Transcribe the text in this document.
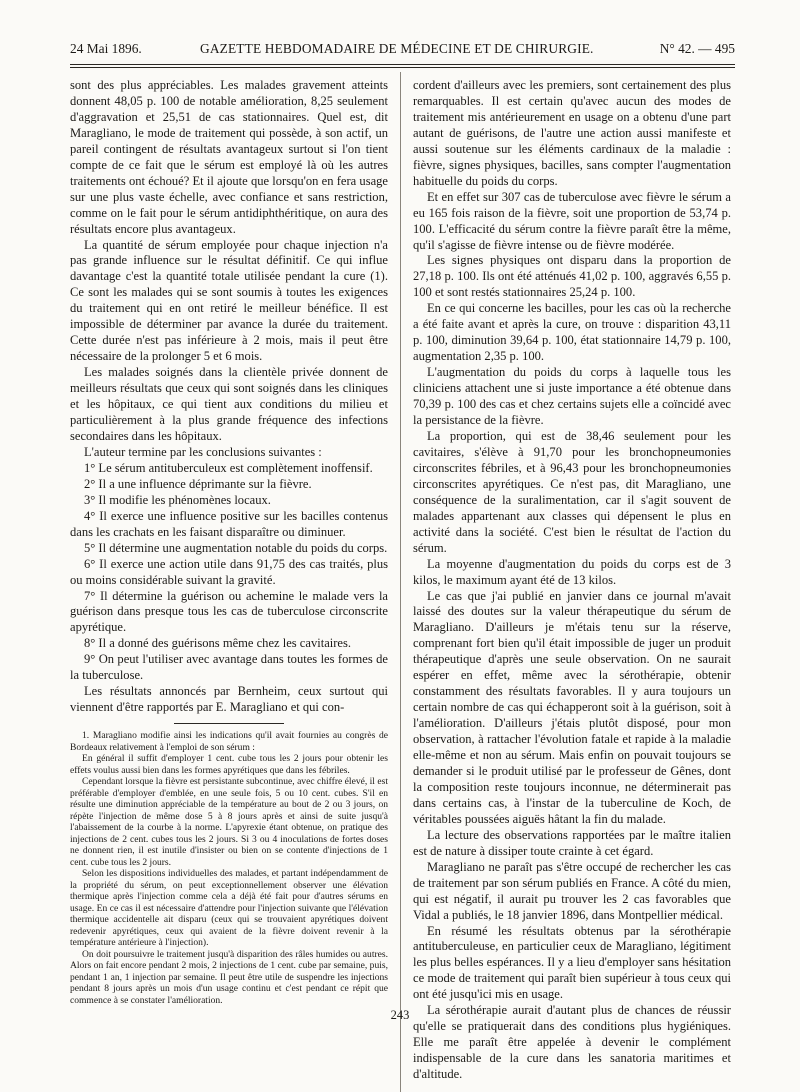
24 Mai 1896.	GAZETTE HEBDOMADAIRE DE MÉDECINE ET DE CHIRURGIE.	N° 42. — 495

sont des plus appréciables. Les malades gravement atteints donnent 48,05 p. 100 de notable amélioration, 8,25 seulement d'aggravation et 25,51 de cas stationnaires. Quel est, dit Maragliano, le mode de traitement qui possède, à son actif, un pareil contingent de résultats avantageux surtout si l'on tient compte de ce fait que le sérum est employé là où les autres traitements ont échoué? Et il ajoute que lorsqu'on en fera usage sur une plus vaste échelle, avec confiance et sans restriction, comme on le fait pour le sérum antidiphthéritique, on aura des résultats encore plus avantageux.

La quantité de sérum employée pour chaque injection n'a pas grande influence sur le résultat définitif. Ce qui influe davantage c'est la quantité totale utilisée pendant la cure (1). Ce sont les malades qui se sont soumis à toutes les exigences du traitement qui en ont retiré le meilleur bénéfice. Il est impossible de déterminer par avance la durée du traitement. Cette durée n'est pas inférieure à 2 mois, mais il peut être nécessaire de la prolonger 5 et 6 mois.

Les malades soignés dans la clientèle privée donnent de meilleurs résultats que ceux qui sont soignés dans les cliniques et les hôpitaux, ce qui tient aux conditions du milieu et particulièrement à la plus grande fréquence des infections secondaires dans les hôpitaux.

L'auteur termine par les conclusions suivantes :

1° Le sérum antituberculeux est complètement inoffensif.

2° Il a une influence déprimante sur la fièvre.

3° Il modifie les phénomènes locaux.

4° Il exerce une influence positive sur les bacilles contenus dans les crachats en les faisant disparaître ou diminuer.

5° Il détermine une augmentation notable du poids du corps.

6° Il exerce une action utile dans 91,75 des cas traités, plus ou moins considérable suivant la gravité.

7° Il détermine la guérison ou achemine le malade vers la guérison dans presque tous les cas de tuberculose circonscrite apyrétique.

8° Il a donné des guérisons même chez les cavitaires.

9° On peut l'utiliser avec avantage dans toutes les formes de la tuberculose.

Les résultats annoncés par Bernheim, ceux surtout qui viennent d'être rapportés par E. Maragliano et qui con-

1. Maragliano modifie ainsi les indications qu'il avait fournies au congrès de Bordeaux relativement à l'emploi de son sérum :

En général il suffit d'employer 1 cent. cube tous les 2 jours pour obtenir les effets voulus aussi bien dans les formes apyrétiques que dans les fébriles.

Cependant lorsque la fièvre est persistante subcontinue, avec chiffre élevé, il est préférable d'employer d'emblée, en une seule fois, 5 ou 10 cent. cubes. S'il en résulte une diminution appréciable de la température au bout de 2 ou 3 jours, on répète l'injection de même dose 5 à 8 jours après et ainsi de suite jusqu'à l'abaissement de la courbe à la norme. L'apyrexie étant obtenue, on pratique des injections de 2 cent. cubes tous les 2 jours. Si 3 ou 4 inoculations de fortes doses ne donnent rien, il est inutile d'insister ou bien on se contente d'injections de 1 cent. cube tous les 2 jours.

Selon les dispositions individuelles des malades, et partant indépendamment de la propriété du sérum, on peut exceptionnellement observer une élévation thermique après l'injection comme cela a déjà été fait pour d'autres sérums en usage. En ce cas il est nécessaire d'attendre pour l'injection suivante que l'élévation thermique accidentelle ait disparu (ceux qui se trouvaient apyrétiques doivent redevenir apyrétiques, ceux qui avaient de la fièvre doivent revenir à la température antérieure à l'injection).

On doit poursuivre le traitement jusqu'à disparition des râles humides ou autres. Alors on fait encore pendant 2 mois, 2 injections de 1 cent. cube par semaine, puis, pendant 1 an, 1 injection par semaine. Il peut être utile de suspendre les injections pendant 8 jours après un mois d'un usage continu et c'est pendant ce répit que commence à se constater l'amélioration.

cordent d'ailleurs avec les premiers, sont certainement des plus remarquables. Il est certain qu'avec aucun des modes de traitement mis antérieurement en usage on a obtenu d'une part autant de guérisons, de l'autre une action aussi manifeste et aussi soutenue sur les éléments cardinaux de la maladie : fièvre, signes physiques, bacilles, sans compter l'augmentation habituelle du poids du corps.

Et en effet sur 307 cas de tuberculose avec fièvre le sérum a eu 165 fois raison de la fièvre, soit une proportion de 53,74 p. 100. L'efficacité du sérum contre la fièvre paraît être la même, qu'il s'agisse de fièvre intense ou de fièvre modérée.

Les signes physiques ont disparu dans la proportion de 27,18 p. 100. Ils ont été atténués 41,02 p. 100, aggravés 6,55 p. 100 et sont restés stationnaires 25,24 p. 100.

En ce qui concerne les bacilles, pour les cas où la recherche a été faite avant et après la cure, on trouve : disparition 43,11 p. 100, diminution 39,64 p. 100, état stationnaire 14,79 p. 100, augmentation 2,35 p. 100.

L'augmentation du poids du corps à laquelle tous les cliniciens attachent une si juste importance a été obtenue dans 70,39 p. 100 des cas et chez certains sujets elle a coïncidé avec la persistance de la fièvre.

La proportion, qui est de 38,46 seulement pour les cavitaires, s'élève à 91,70 pour les bronchopneumonies circonscrites fébriles, et à 96,43 pour les bronchopneumonies circonscrites apyrétiques. Ce n'est pas, dit Maragliano, une conséquence de la suralimentation, car il s'agit souvent de malades appartenant aux classes qui dépensent le plus en activité dans la société. C'est bien le résultat de l'action du sérum.

La moyenne d'augmentation du poids du corps est de 3 kilos, le maximum ayant été de 13 kilos.

Le cas que j'ai publié en janvier dans ce journal m'avait laissé des doutes sur la valeur thérapeutique du sérum de Maragliano. D'ailleurs je m'étais tenu sur la réserve, comprenant fort bien qu'il était impossible de juger un produit thérapeutique d'après une seule observation. On ne saurait espérer en effet, même avec la sérothérapie, obtenir constamment des résultats favorables. Il y aura toujours un certain nombre de cas qui échapperont soit à la guérison, soit à l'amélioration. D'ailleurs j'étais plutôt disposé, pour mon observation, à rattacher l'évolution fatale et rapide à la maladie elle-même et non au sérum. Mais enfin on pouvait toujours se demander si le produit utilisé par le professeur de Gênes, dont la composition reste toujours inconnue, ne déterminerait pas dans certains cas, à l'instar de la tuberculine de Koch, de véritables poussées aiguës hâtant la fin du malade.

La lecture des observations rapportées par le maître italien est de nature à dissiper toute crainte à cet égard.

Maragliano ne paraît pas s'être occupé de rechercher les cas de traitement par son sérum publiés en France. A côté du mien, qui est négatif, il aurait pu trouver les 2 cas favorables que Vidal a publiés, le 18 janvier 1896, dans Montpellier médical.

En résumé les résultats obtenus par la sérothérapie antituberculeuse, en particulier ceux de Maragliano, légitiment les plus belles espérances. Il y a lieu d'employer sans hésitation ce mode de traitement qui paraît bien supérieur à tous ceux qui ont été jusqu'ici mis en usage.

La sérothérapie aurait d'autant plus de chances de réussir qu'elle se pratiquerait dans des conditions plus hygiéniques. Elle me paraît être appelée à devenir le complément indispensable de la cure dans les sanatoria maritimes et d'altitude.

243
